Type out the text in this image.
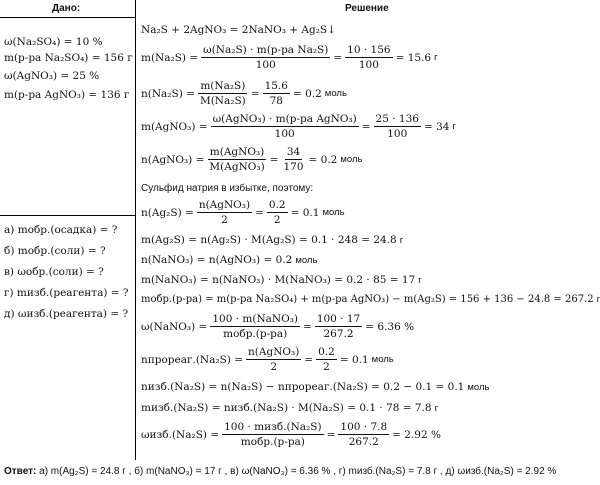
Дано:	Решение
ω(Na₂SO₄) = 10 %
m(р-ра Na₂SO₄) = 156 г
ω(AgNO₃) = 25 %
m(р-ра AgNO₃) = 136 г
а) mобр.(осадка) = ?
б) mобр.(соли) = ?
в) ωобр.(соли) = ?
г) mизб.(реагента) = ?
д) ωизб.(реагента) = ?
Na₂S + 2AgNO₃ = 2NaNO₃ + Ag₂S↓
$m(Na_2S) = \frac{\text{ω(Na₂S) · m(р-ра Na₂S)}}{100} = \frac{10 \cdot 156}{100} = 15.6$ г
$n(Na_2S) = \frac{\text{m(Na₂S)}}{\text{M(Na₂S)}} = \frac{15.6}{78} = 0.2$ моль
m(AgNO₃) = $\frac{\text{ω(AgNO₃) · m(р-ра AgNO₃)}}{100} = \frac{25 \cdot 136}{100} = 34$ г
n(AgNO₃) = $\frac{\text{m(AgNO₃)}}{\text{M(AgNO₃)}} = \frac{34}{170} = 0.2$ моль
Сульфид натрия в избытке, поэтому:
$n(Ag_2S) = \frac{\text{n(AgNO₃)}}{2} = \frac{0.2}{2} = 0.1$ моль
m(Ag₂S) = n(Ag₂S) · M(Ag₂S) = 0.1 · 248 = 24.8 г
n(NaNO₃) = n(AgNO₃) = 0.2 моль
m(NaNO₃) = n(NaNO₃) · M(NaNO₃) = 0.2 · 85 = 17 г
mобр.(р-ра) = m(р-ра Na₂SO₄) + m(р-ра AgNO₃) − m(Ag₂S) = 156 + 136 − 24.8 = 267.2 г
ω(NaNO₃) = $\frac{\text{100 · m(NaNO₃)}}{\text{mобр.(р-ра)}} = \frac{100 \cdot 17}{267.2} = 6.36$ %
nпрореаг.(Na₂S) = $\frac{\text{n(AgNO₃)}}{2} = \frac{0.2}{2} = 0.1$ моль
nизб.(Na₂S) = n(Na₂S) − nпрореаг.(Na₂S) = 0.2 − 0.1 = 0.1 моль
mизб.(Na₂S) = nизб.(Na₂S) · M(Na₂S) = 0.1 · 78 = 7.8 г
$\omega изб.(Na_2S) = \frac{\text{100 · mизб.(Na₂S)}}{\text{mобр.(р-ра)}} = \frac{100 \cdot 7.8}{267.2} = 2.92$ %
Ответ: а) m(Ag₂S) = 24.8 г , б) m(NaNO₃) = 17 г , в) ω(NaNO₃) = 6.36 % , г) mизб.(Na₂S) = 7.8 г , д) ωизб.(Na₂S) = 2.92 %
